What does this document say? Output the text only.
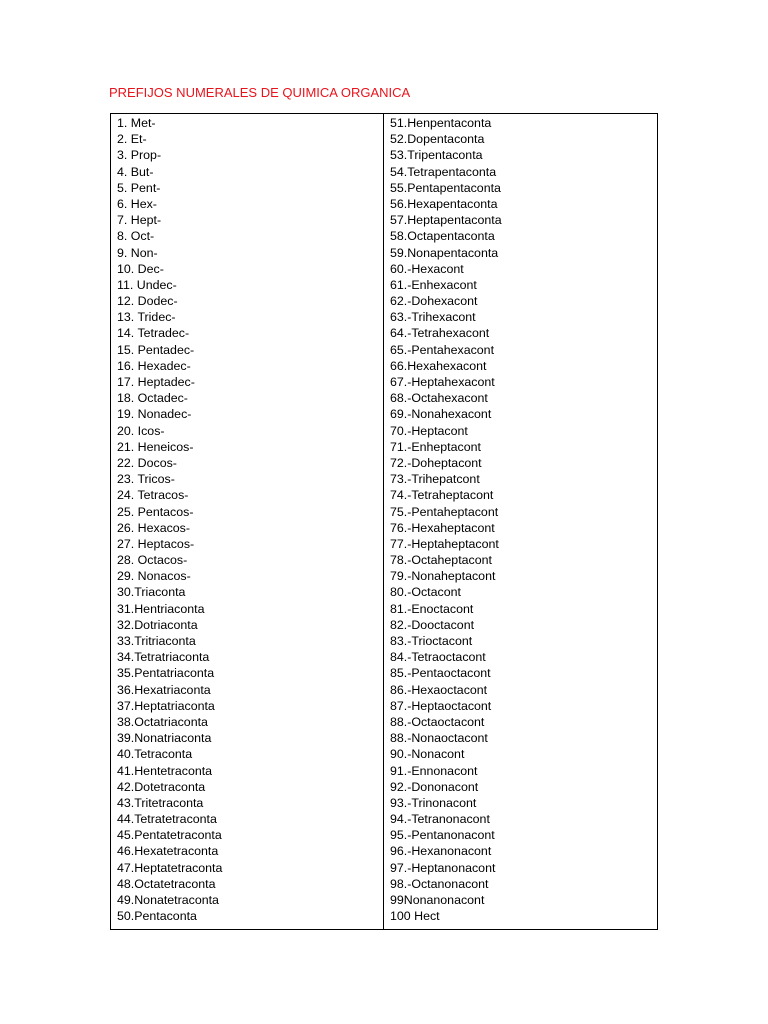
PREFIJOS NUMERALES DE QUIMICA ORGANICA
1. Met-
2. Et-
3. Prop-
4. But-
5. Pent-
6. Hex-
7. Hept-
8. Oct-
9. Non-
10. Dec-
11. Undec-
12. Dodec-
13. Tridec-
14. Tetradec-
15. Pentadec-
16. Hexadec-
17. Heptadec-
18. Octadec-
19. Nonadec-
20. Icos-
21. Heneicos-
22. Docos-
23. Tricos-
24. Tetracos-
25. Pentacos-
26. Hexacos-
27. Heptacos-
28. Octacos-
29. Nonacos-
30.Triaconta
31.Hentriaconta
32.Dotriaconta
33.Tritriaconta
34.Tetratriaconta
35.Pentatriaconta
36.Hexatriaconta
37.Heptatriaconta
38.Octatriaconta
39.Nonatriaconta
40.Tetraconta
41.Hentetraconta
42.Dotetraconta
43.Tritetraconta
44.Tetratetraconta
45.Pentatetraconta
46.Hexatetraconta
47.Heptatetraconta
48.Octatetraconta
49.Nonatetraconta
50.Pentaconta
51.Henpentaconta
52.Dopentaconta
53.Tripentaconta
54.Tetrapentaconta
55.Pentapentaconta
56.Hexapentaconta
57.Heptapentaconta
58.Octapentaconta
59.Nonapentaconta
60.-Hexacont
61.-Enhexacont
62.-Dohexacont
63.-Trihexacont
64.-Tetrahexacont
65.-Pentahexacont
66.Hexahexacont
67.-Heptahexacont
68.-Octahexacont
69.-Nonahexacont
70.-Heptacont
71.-Enheptacont
72.-Doheptacont
73.-Trihepatcont
74.-Tetraheptacont
75.-Pentaheptacont
76.-Hexaheptacont
77.-Heptaheptacont
78.-Octaheptacont
79.-Nonaheptacont
80.-Octacont
81.-Enoctacont
82.-Dooctacont
83.-Trioctacont
84.-Tetraoctacont
85.-Pentaoctacont
86.-Hexaoctacont
87.-Heptaoctacont
88.-Octaoctacont
88.-Nonaoctacont
90.-Nonacont
91.-Ennonacont
92.-Dononacont
93.-Trinonacont
94.-Tetranonacont
95.-Pentanonacont
96.-Hexanonacont
97.-Heptanonacont
98.-Octanonacont
99Nonanonacont
100 Hect
